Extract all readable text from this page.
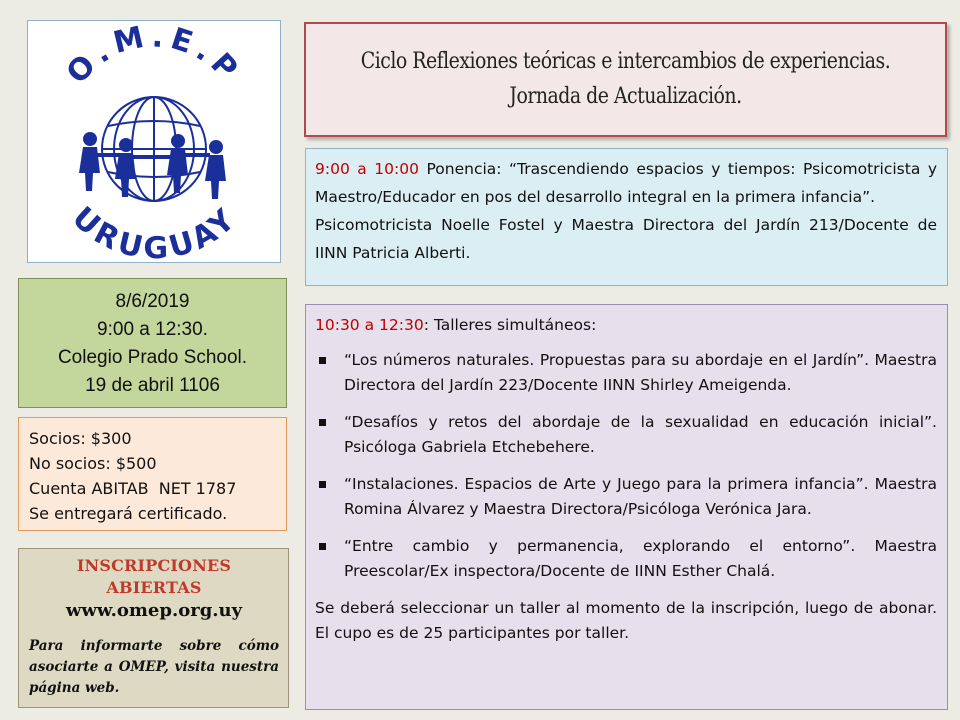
O.M.E.P
URUGUAY
8/6/2019
9:00 a 12:30.
Colegio Prado School.
19 de abril 1106
Socios: $300
No socios: $500
Cuenta ABITAB  NET 1787
Se entregará certificado.
INSCRIPCIONES ABIERTAS
www.omep.org.uy
Para informarte sobre cómo asociarte a OMEP, visita nuestra página web.
Ciclo Reflexiones teóricas e intercambios de experiencias.
Jornada de Actualización.
9:00 a 10:00 Ponencia: “Trascendiendo espacios y tiempos: Psicomotricista y Maestro/Educador en pos del desarrollo integral en la primera infancia”.
Psicomotricista Noelle Fostel y Maestra Directora del Jardín 213/Docente de IINN Patricia Alberti.
10:30 a 12:30: Talleres simultáneos:
“Los números naturales. Propuestas para su abordaje en el Jardín”. Maestra Directora del Jardín 223/Docente IINN Shirley Ameigenda.
“Desafíos y retos del abordaje de la sexualidad en educación inicial”. Psicóloga Gabriela Etchebehere.
“Instalaciones. Espacios de Arte y Juego para la primera infancia”. Maestra Romina Álvarez y Maestra Directora/Psicóloga Verónica Jara.
“Entre cambio y permanencia, explorando el entorno”. Maestra Preescolar/Ex inspectora/Docente de IINN Esther Chalá.
Se deberá seleccionar un taller al momento de la inscripción, luego de abonar. El cupo es de 25 participantes por taller.
